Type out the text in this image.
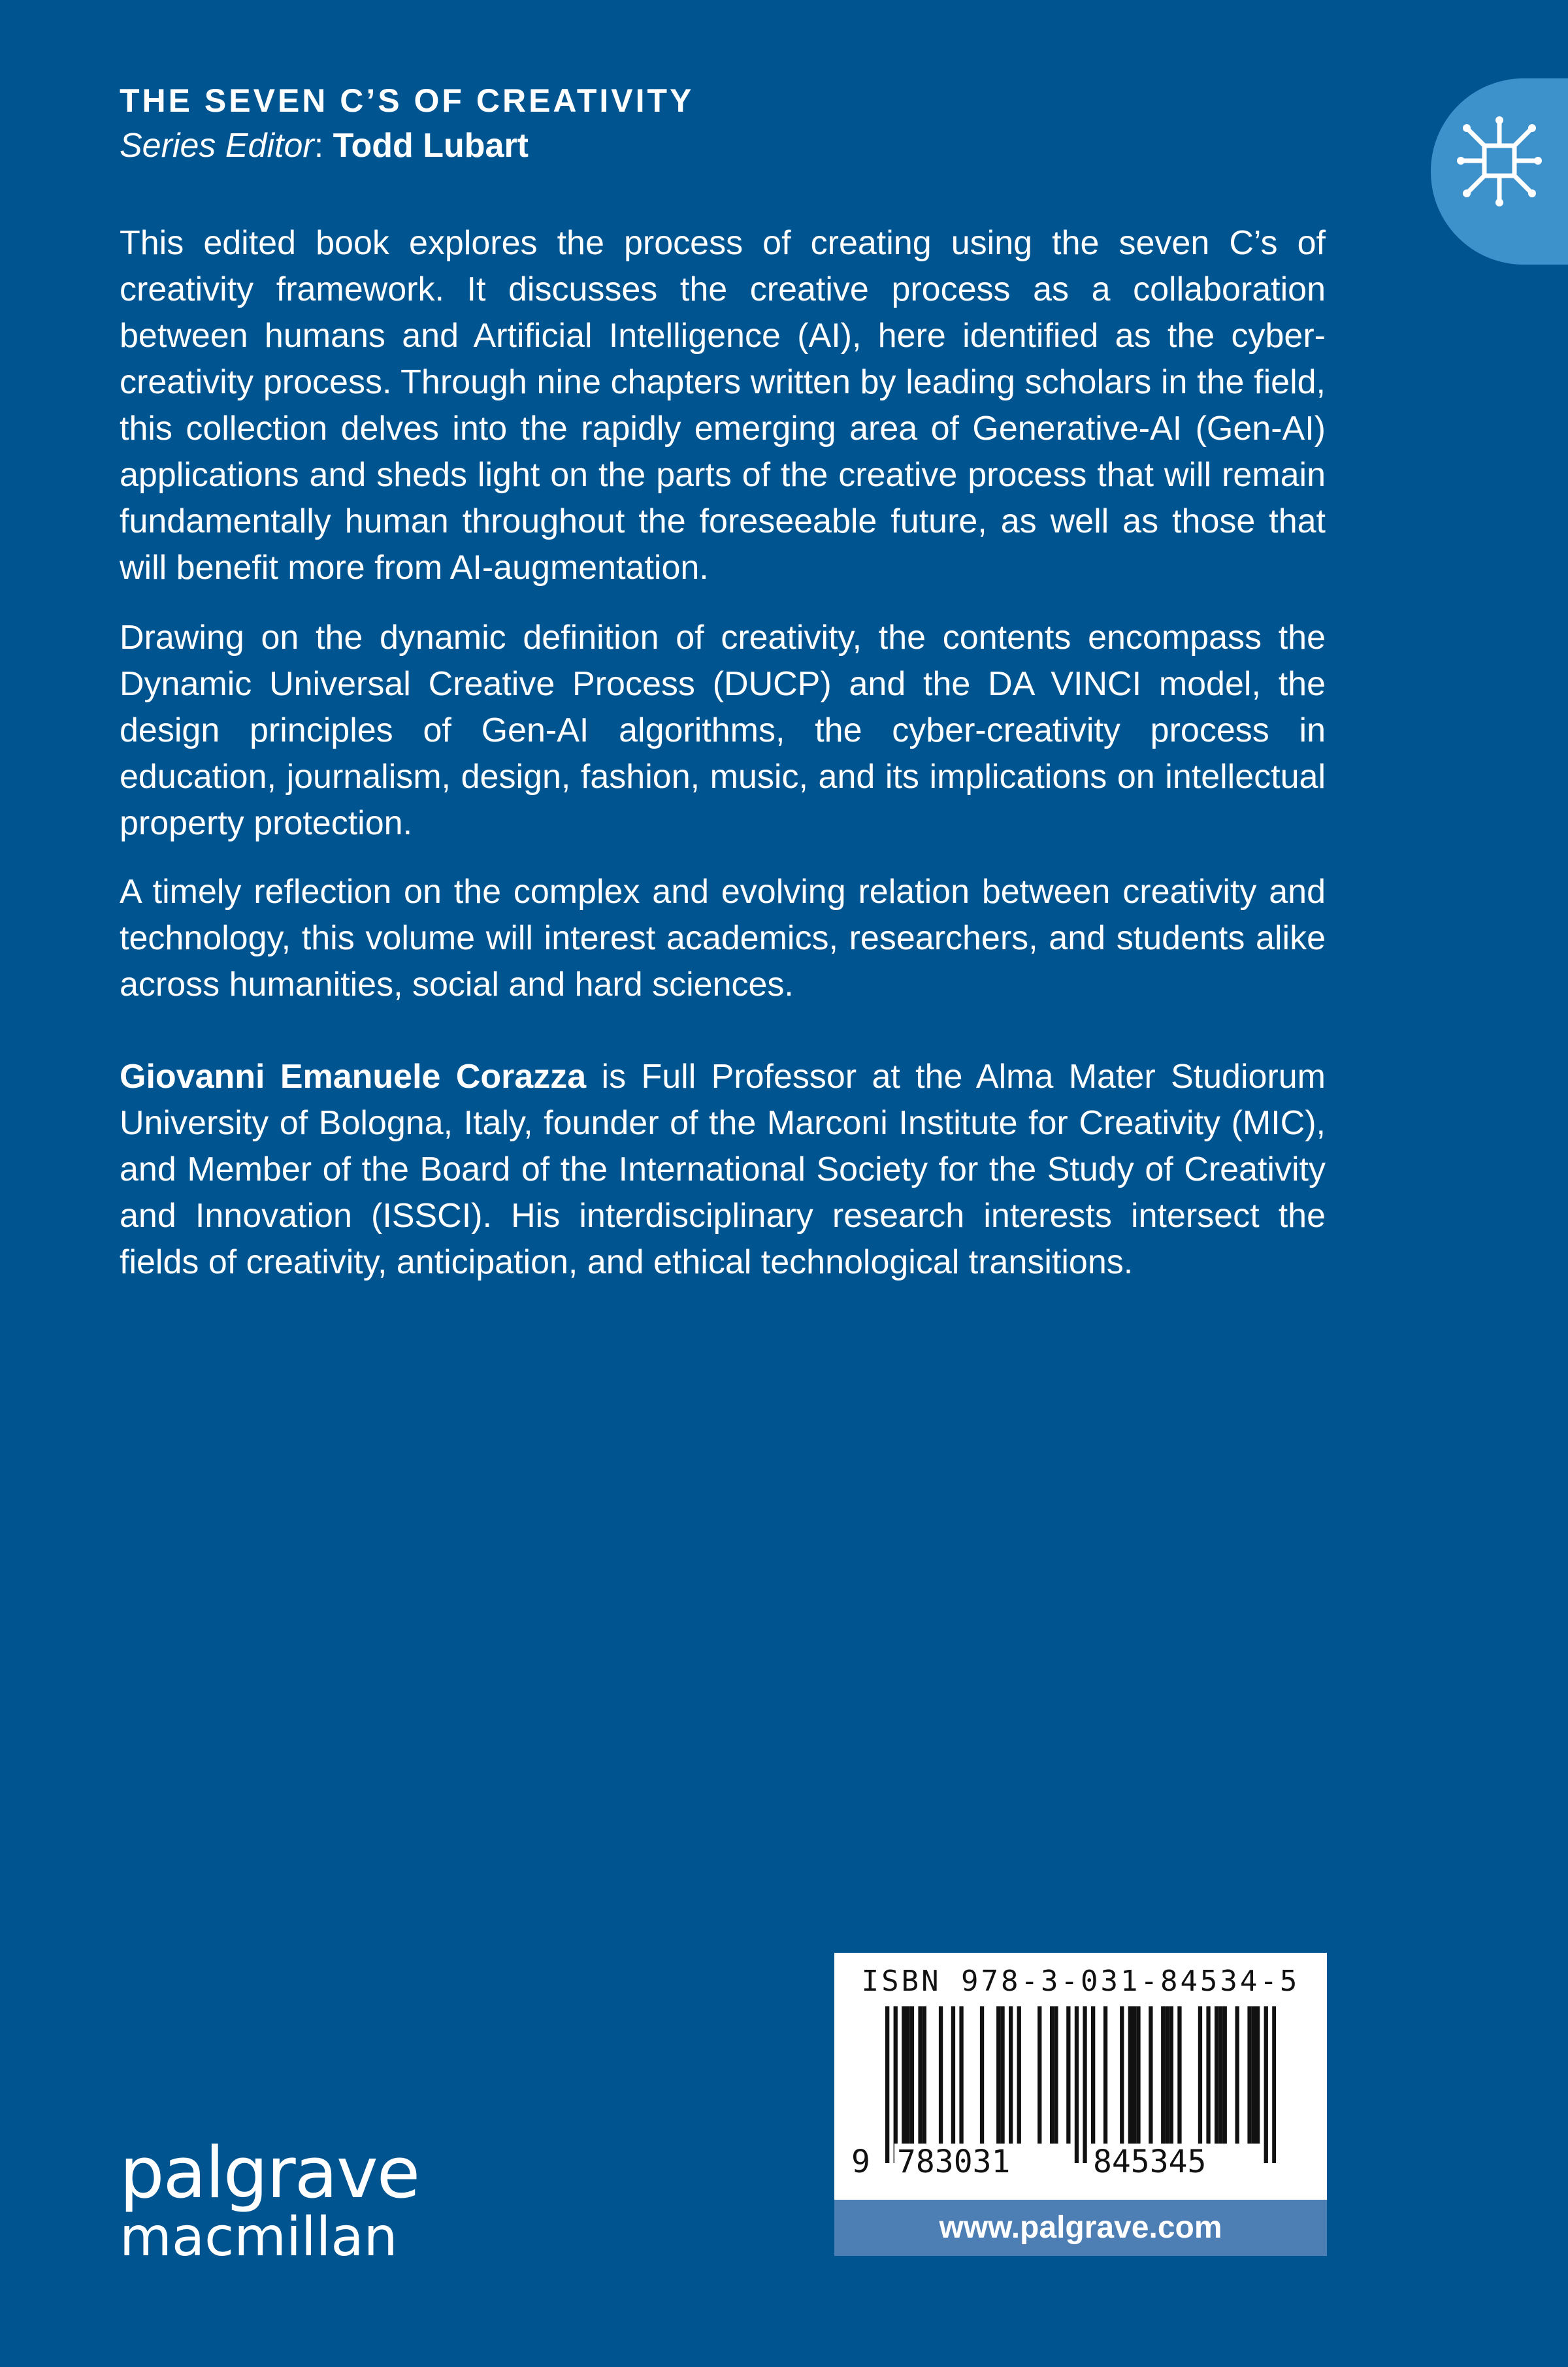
THE SEVEN C’S OF CREATIVITY

Series Editor: Todd Lubart

This edited book explores the process of creating using the seven C’s of creativity framework. It discusses the creative process as a collaboration between humans and Artificial Intelligence (AI), here identified as the cyber-creativity process. Through nine chapters written by leading scholars in the field, this collection delves into the rapidly emerging area of Generative-AI (Gen-AI) applications and sheds light on the parts of the creative process that will remain fundamentally human throughout the foreseeable future, as well as those that will benefit more from AI-augmentation.

Drawing on the dynamic definition of creativity, the contents encompass the Dynamic Universal Creative Process (DUCP) and the DA VINCI model, the design principles of Gen-AI algorithms, the cyber-creativity process in education, journalism, design, fashion, music, and its implications on intellectual property protection.

A timely reflection on the complex and evolving relation between creativity and technology, this volume will interest academics, researchers, and students alike across humanities, social and hard sciences.

Giovanni Emanuele Corazza is Full Professor at the Alma Mater Studiorum University of Bologna, Italy, founder of the Marconi Institute for Creativity (MIC), and Member of the Board of the International Society for the Study of Creativity and Innovation (ISSCI). His interdisciplinary research interests intersect the fields of creativity, anticipation, and ethical technological transitions.

palgrave
macmillan

ISBN 978-3-031-84534-5

9 783031	845345

www.palgrave.com
